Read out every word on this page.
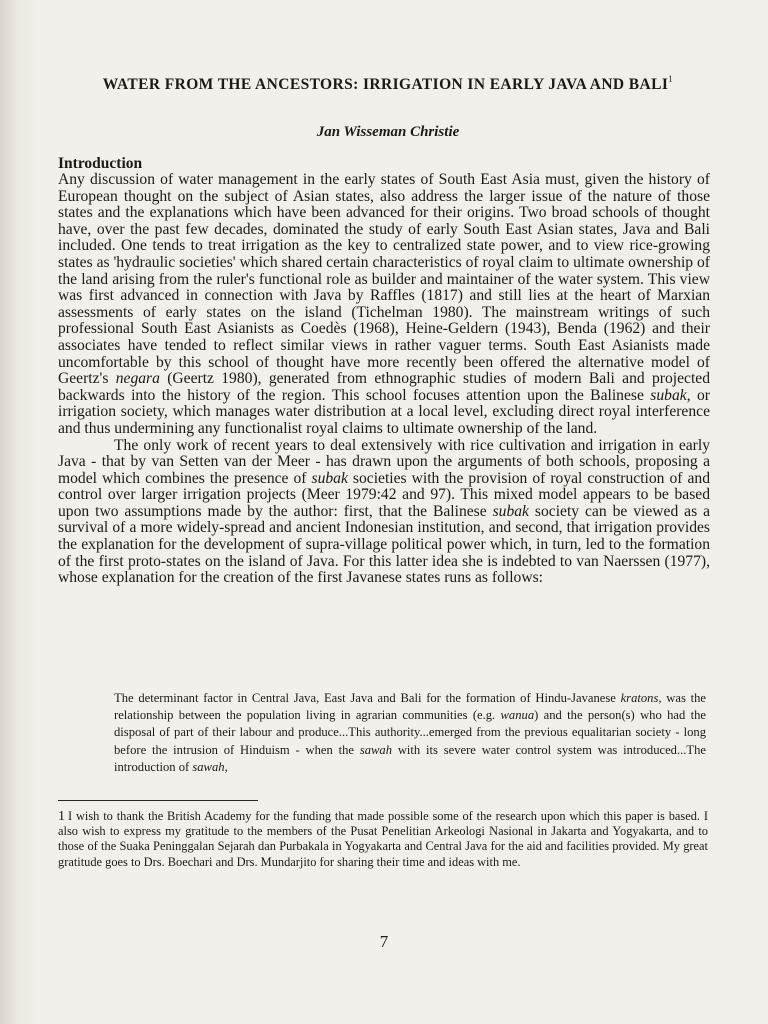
WATER FROM THE ANCESTORS: IRRIGATION IN EARLY JAVA AND BALI$^1$
Jan Wisseman Christie
Introduction

Any discussion of water management in the early states of South East Asia must, given the history of European thought on the subject of Asian states, also address the larger issue of the nature of those states and the explanations which have been advanced for their origins. Two broad schools of thought have, over the past few decades, dominated the study of early South East Asian states, Java and Bali included. One tends to treat irrigation as the key to centralized state power, and to view rice-growing states as 'hydraulic societies' which shared certain characteristics of royal claim to ultimate ownership of the land arising from the ruler's functional role as builder and maintainer of the water system. This view was first advanced in connection with Java by Raffles (1817) and still lies at the heart of Marxian assessments of early states on the island (Tichelman 1980). The mainstream writings of such professional South East Asianists as Coedès (1968), Heine-Geldern (1943), Benda (1962) and their associates have tended to reflect similar views in rather vaguer terms. South East Asianists made uncomfortable by this school of thought have more recently been offered the alternative model of Geertz's negara (Geertz 1980), generated from ethnographic studies of modern Bali and projected backwards into the history of the region. This school focuses attention upon the Balinese subak, or irrigation society, which manages water distribution at a local level, excluding direct royal interference and thus undermining any functionalist royal claims to ultimate ownership of the land.

The only work of recent years to deal extensively with rice cultivation and irrigation in early Java - that by van Setten van der Meer - has drawn upon the arguments of both schools, proposing a model which combines the presence of subak societies with the provision of royal construction of and control over larger irrigation projects (Meer 1979:42 and 97). This mixed model appears to be based upon two assumptions made by the author: first, that the Balinese subak society can be viewed as a survival of a more widely-spread and ancient Indonesian institution, and second, that irrigation provides the explanation for the development of supra-village political power which, in turn, led to the formation of the first proto-states on the island of Java. For this latter idea she is indebted to van Naerssen (1977), whose explanation for the creation of the first Javanese states runs as follows:

The determinant factor in Central Java, East Java and Bali for the formation of Hindu-Javanese kratons, was the relationship between the population living in agrarian communities (e.g. wanua) and the person(s) who had the disposal of part of their labour and produce...This authority...emerged from the previous equalitarian society - long before the intrusion of Hinduism - when the sawah with its severe water control system was introduced...The introduction of sawah,
1 I wish to thank the British Academy for the funding that made possible some of the research upon which this paper is based. I also wish to express my gratitude to the members of the Pusat Penelitian Arkeologi Nasional in Jakarta and Yogyakarta, and to those of the Suaka Peninggalan Sejarah dan Purbakala in Yogyakarta and Central Java for the aid and facilities provided. My great gratitude goes to Drs. Boechari and Drs. Mundarjito for sharing their time and ideas with me.
7
